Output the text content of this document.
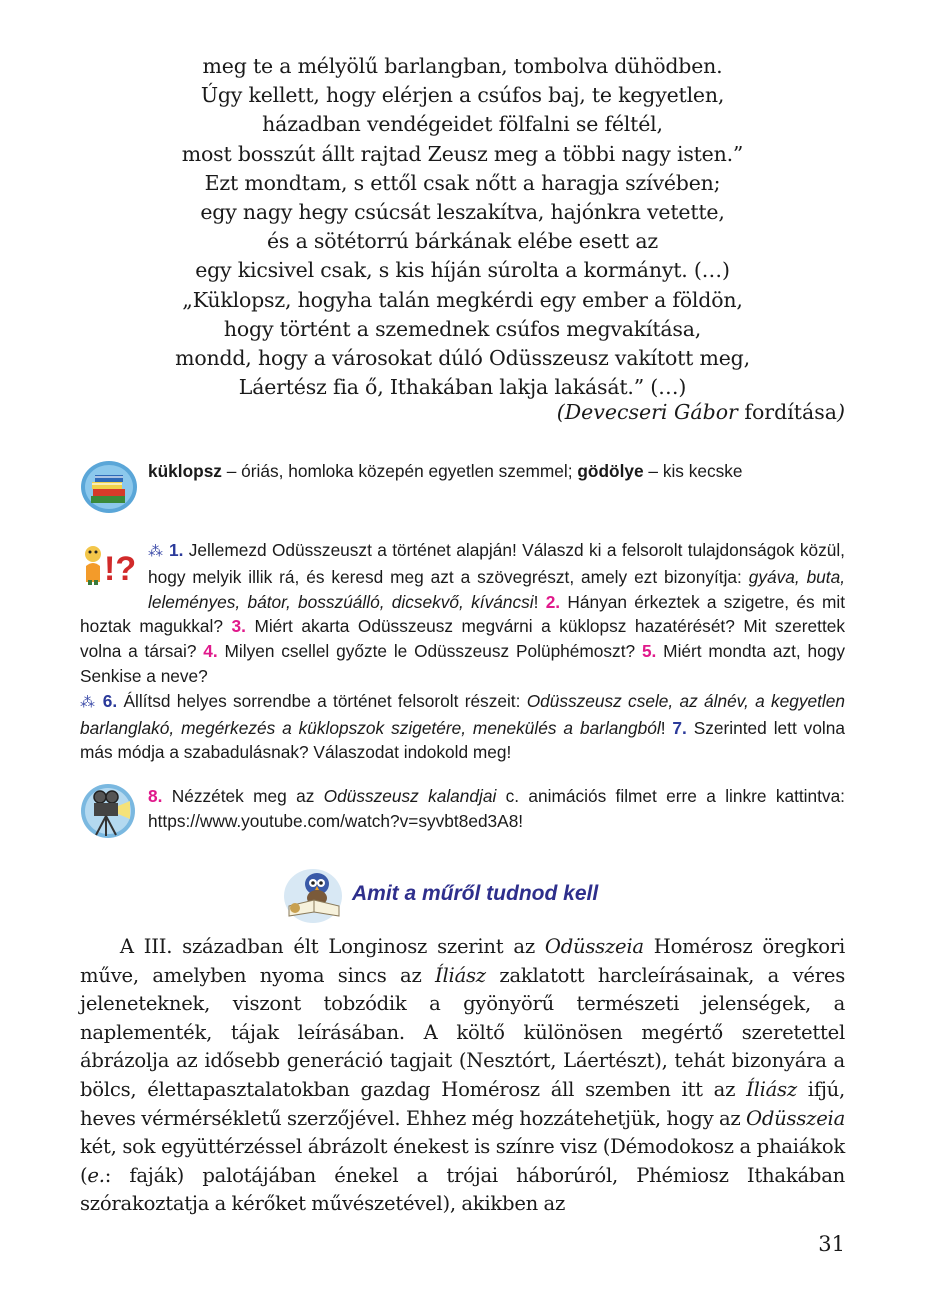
meg te a mélyölű barlangban, tombolva dühödben.
Úgy kellett, hogy elérjen a csúfos baj, te kegyetlen,
házadban vendégeidet fölfalni se féltél,
most bosszút állt rajtad Zeusz meg a többi nagy isten.”
Ezt mondtam, s ettől csak nőtt a haragja szívében;
egy nagy hegy csúcsát leszakítva, hajónkra vetette,
és a sötétorrú bárkának elébe esett az
egy kicsivel csak, s kis híján súrolta a kormányt. (…)
„Küklopsz, hogyha talán megkérdi egy ember a földön,
hogy történt a szemednek csúfos megvakítása,
mondd, hogy a városokat dúló Odüsszeusz vakított meg,
Láertész fia ő, Ithakában lakja lakását.” (…)
(Devecseri Gábor fordítása)
küklopsz – óriás, homloka közepén egyetlen szemmel; gödölye – kis kecske
!? ⁂ 1. Jellemezd Odüsszeuszt a történet alapján! Válaszd ki a felsorolt tulajdonságok közül, hogy melyik illik rá, és keresd meg azt a szövegrészt, amely ezt bizonyítja: gyáva, buta, leleményes, bátor, bosszúálló, dicsekvő, kíváncsi! 2. Hányan érkeztek a szigetre, és mit hoztak magukkal? 3. Miért akarta Odüsszeusz megvárni a küklopsz hazatérését? Mit szerettek volna a társai? 4. Milyen csellel győzte le Odüsszeusz Polüphémoszt? 5. Miért mondta azt, hogy Senkise a neve?
⁂ 6. Állítsd helyes sorrendbe a történet felsorolt részeit: Odüsszeusz csele, az álnév, a kegyetlen barlanglakó, megérkezés a küklopszok szigetére, menekülés a barlangból! 7. Szerinted lett volna más módja a szabadulásnak? Válaszodat indokold meg!
8. Nézzétek meg az Odüsszeusz kalandjai c. animációs filmet erre a linkre kattintva: https://www.youtube.com/watch?v=syvbt8ed3A8!
Amit a műről tudnod kell
A III. században élt Longinosz szerint az Odüsszeia Homérosz öregkori műve, amelyben nyoma sincs az Íliász zaklatott harcleírásainak, a véres jeleneteknek, viszont tobzódik a gyönyörű természeti jelenségek, a naplementék, tájak leírásában. A költő különösen megértő szeretettel ábrázolja az idősebb generáció tagjait (Nesztórt, Láertészt), tehát bizonyára a bölcs, élettapasztalatokban gazdag Homérosz áll szemben itt az Íliász ifjú, heves vérmérsékletű szerzőjével. Ehhez még hozzátehetjük, hogy az Odüsszeia két, sok együttérzéssel ábrázolt énekest is színre visz (Démodokosz a phaiákok (e.: faják) palotájában énekel a trójai háborúról, Phémiosz Ithakában szórakoztatja a kérőket művészetével), akikben az
31
